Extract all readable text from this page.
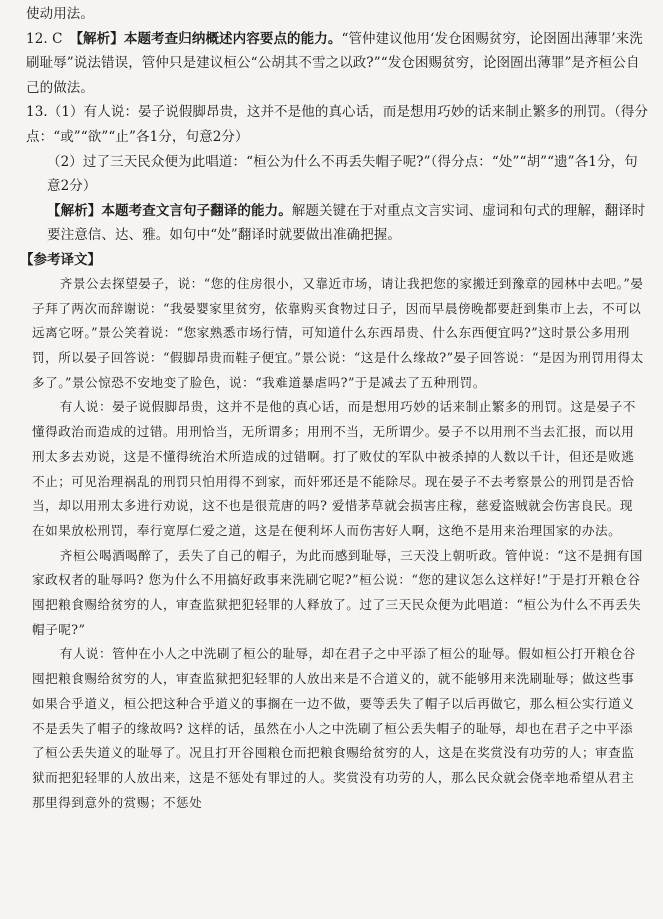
使动用法。

12. C　【解析】本题考查归纳概述内容要点的能力。“管仲建议他用‘发仓困赐贫穷，论囹圄出薄罪’来洗刷耻辱”说法错误，管仲只是建议桓公“公胡其不雪之以政?”“发仓困赐贫穷，论囹圄出薄罪”是齐桓公自己的做法。

13.（1）有人说：晏子说假脚昂贵，这并不是他的真心话，而是想用巧妙的话来制止繁多的刑罚。（得分点：“或”“欲”“止”各1分，句意2分）

（2）过了三天民众便为此唱道：“桓公为什么不再丢失帽子呢?”（得分点：“处”“胡”“遗”各1分，句意2分）

【解析】本题考查文言句子翻译的能力。解题关键在于对重点文言实词、虚词和句式的理解，翻译时要注意信、达、雅。如句中“处”翻译时就要做出准确把握。

【参考译文】

齐景公去探望晏子，说：“您的住房很小，又靠近市场，请让我把您的家搬迁到豫章的园林中去吧。”晏子拜了两次而辞谢说：“我晏婴家里贫穷，依靠购买食物过日子，因而早晨傍晚都要赶到集市上去，不可以远离它呀。”景公笑着说：“您家熟悉市场行情，可知道什么东西昂贵、什么东西便宜吗?”这时景公多用刑罚，所以晏子回答说：“假脚昂贵而鞋子便宜。”景公说：“这是什么缘故?”晏子回答说：“是因为刑罚用得太多了。”景公惊恐不安地变了脸色，说：“我难道暴虐吗?”于是减去了五种刑罚。

有人说：晏子说假脚昂贵，这并不是他的真心话，而是想用巧妙的话来制止繁多的刑罚。这是晏子不懂得政治而造成的过错。用刑恰当，无所谓多；用刑不当，无所谓少。晏子不以用刑不当去汇报，而以用刑太多去劝说，这是不懂得统治术所造成的过错啊。打了败仗的军队中被杀掉的人数以千计，但还是败逃不止；可见治理祸乱的刑罚只怕用得不到家，而奸邪还是不能除尽。现在晏子不去考察景公的刑罚是否恰当，却以用刑太多进行劝说，这不也是很荒唐的吗? 爱惜茅草就会损害庄稼，慈爱盗贼就会伤害良民。现在如果放松刑罚，奉行宽厚仁爱之道，这是在便利坏人而伤害好人啊，这绝不是用来治理国家的办法。

齐桓公喝酒喝醉了，丢失了自己的帽子，为此而感到耻辱，三天没上朝听政。管仲说：“这不是拥有国家政权者的耻辱吗? 您为什么不用搞好政事来洗刷它呢?”桓公说：“您的建议怎么这样好!”于是打开粮仓谷囤把粮食赐给贫穷的人，审查监狱把犯轻罪的人释放了。过了三天民众便为此唱道：“桓公为什么不再丢失帽子呢?”

有人说：管仲在小人之中洗刷了桓公的耻辱，却在君子之中平添了桓公的耻辱。假如桓公打开粮仓谷囤把粮食赐给贫穷的人，审查监狱把犯轻罪的人放出来是不合道义的，就不能够用来洗刷耻辱；做这些事如果合乎道义，桓公把这种合乎道义的事搁在一边不做，要等丢失了帽子以后再做它，那么桓公实行道义不是丢失了帽子的缘故吗? 这样的话，虽然在小人之中洗刷了桓公丢失帽子的耻辱，却也在君子之中平添了桓公丢失道义的耻辱了。况且打开谷囤粮仓而把粮食赐给贫穷的人，这是在奖赏没有功劳的人；审查监狱而把犯轻罪的人放出来，这是不惩处有罪过的人。奖赏没有功劳的人，那么民众就会侥幸地希望从君主那里得到意外的赏赐；不惩处
